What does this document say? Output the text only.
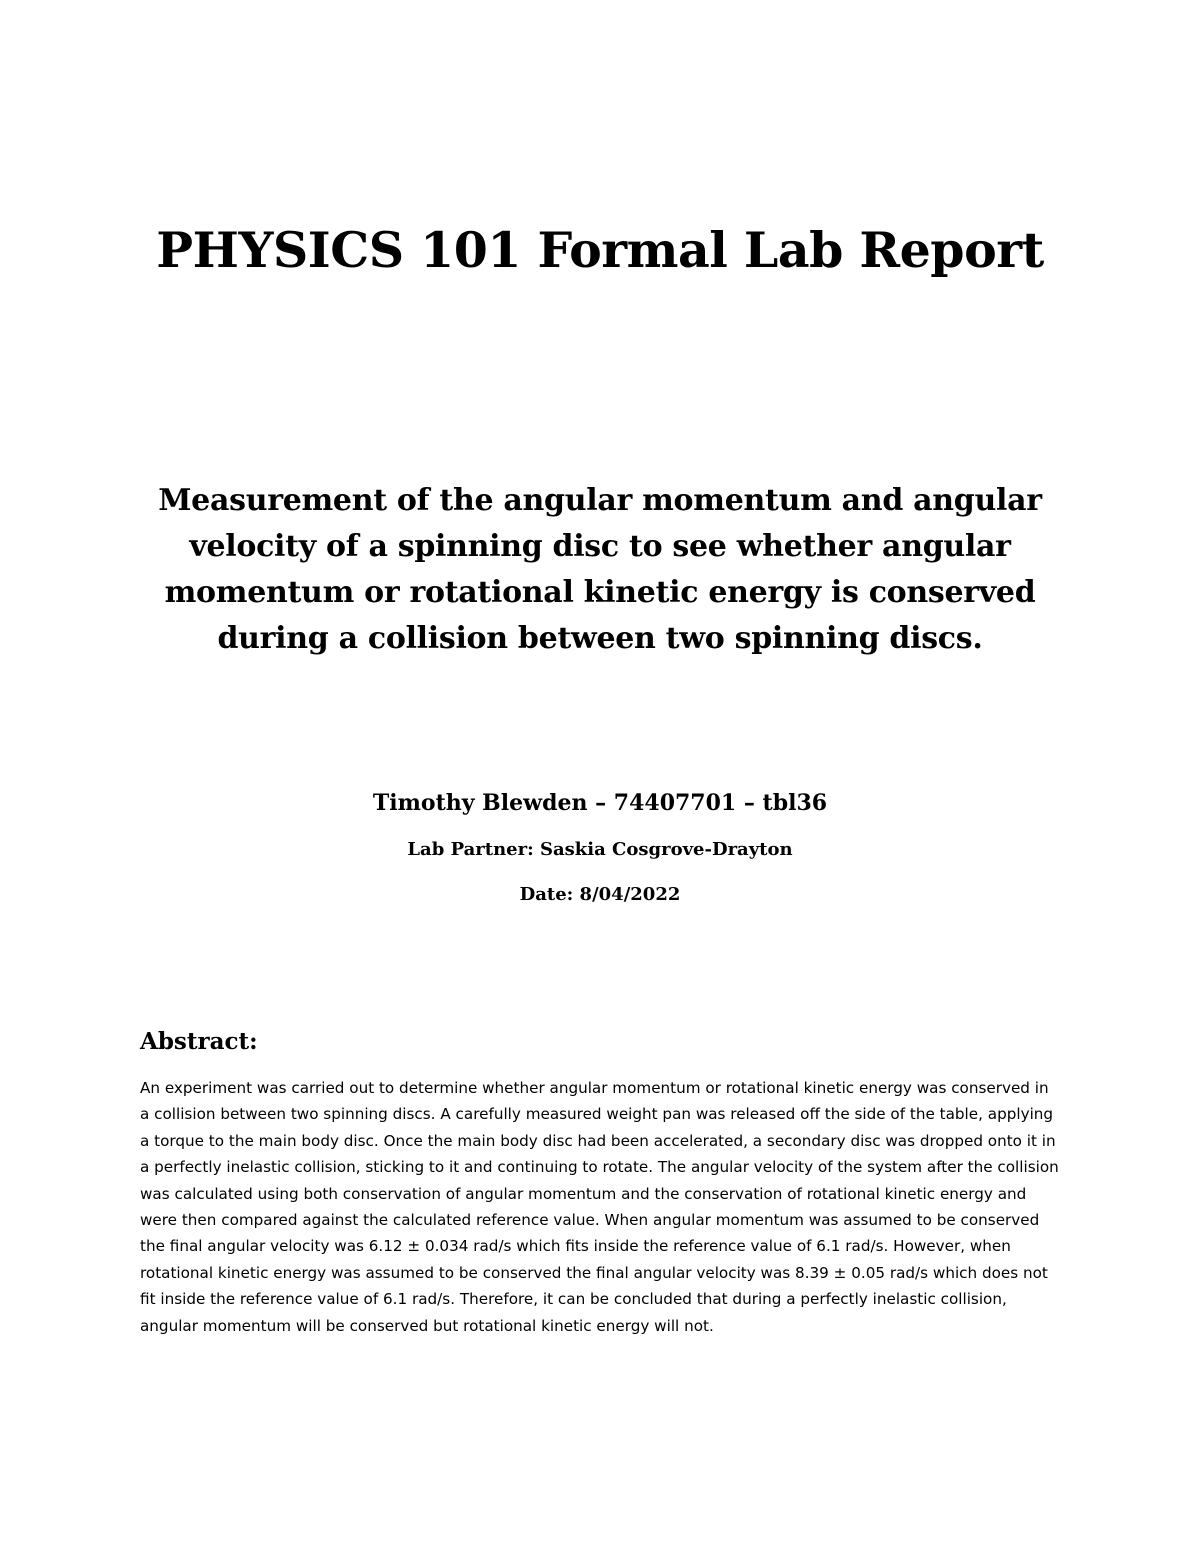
PHYSICS 101 Formal Lab Report
Measurement of the angular momentum and angular velocity of a spinning disc to see whether angular momentum or rotational kinetic energy is conserved during a collision between two spinning discs.

Timothy Blewden – 74407701 – tbl36

Lab Partner: Saskia Cosgrove-Drayton

Date: 8/04/2022

Abstract:

An experiment was carried out to determine whether angular momentum or rotational kinetic energy was conserved in a collision between two spinning discs. A carefully measured weight pan was released off the side of the table, applying a torque to the main body disc. Once the main body disc had been accelerated, a secondary disc was dropped onto it in a perfectly inelastic collision, sticking to it and continuing to rotate. The angular velocity of the system after the collision was calculated using both conservation of angular momentum and the conservation of rotational kinetic energy and were then compared against the calculated reference value. When angular momentum was assumed to be conserved the final angular velocity was 6.12 ± 0.034 rad/s which fits inside the reference value of 6.1 rad/s. However, when rotational kinetic energy was assumed to be conserved the final angular velocity was 8.39 ± 0.05 rad/s which does not fit inside the reference value of 6.1 rad/s. Therefore, it can be concluded that during a perfectly inelastic collision, angular momentum will be conserved but rotational kinetic energy will not.
